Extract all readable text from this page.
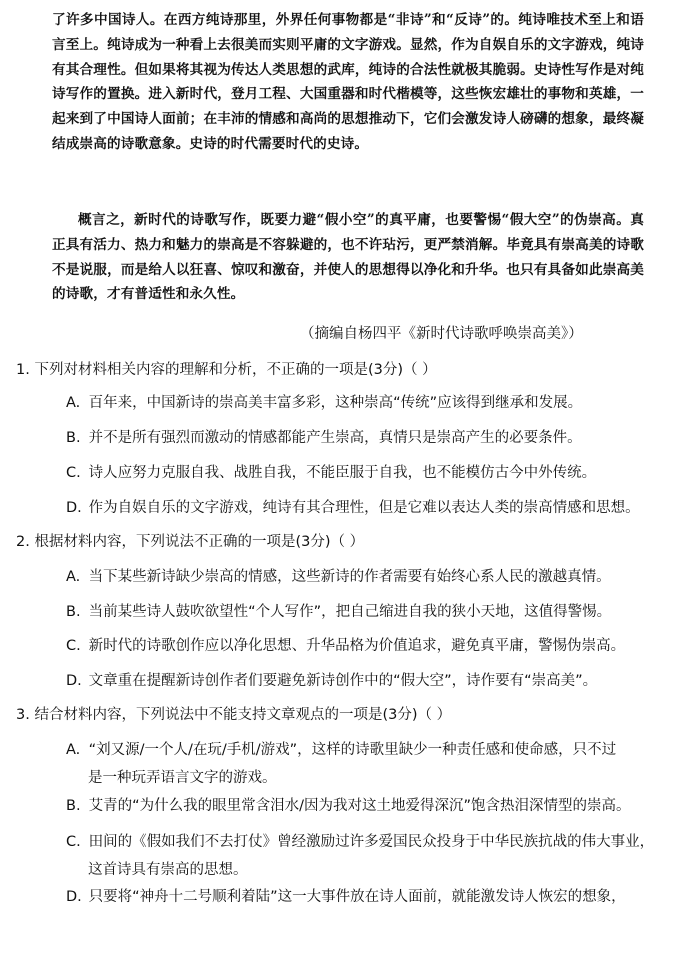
了许多中国诗人。在西方纯诗那里，外界任何事物都是“非诗”和“反诗”的。纯诗唯技术至上和语言至上。纯诗成为一种看上去很美而实则平庸的文字游戏。显然，作为自娱自乐的文字游戏，纯诗有其合理性。但如果将其视为传达人类思想的武库，纯诗的合法性就极其脆弱。史诗性写作是对纯诗写作的置换。进入新时代，登月工程、大国重器和时代楷模等，这些恢宏雄壮的事物和英雄，一起来到了中国诗人面前；在丰沛的情感和高尚的思想推动下，它们会激发诗人磅礴的想象，最终凝结成崇高的诗歌意象。史诗的时代需要时代的史诗。
概言之，新时代的诗歌写作，既要力避“假小空”的真平庸，也要警惕“假大空”的伪崇高。真正具有活力、热力和魅力的崇高是不容躲避的，也不许玷污，更严禁消解。毕竟具有崇高美的诗歌不是说服，而是给人以狂喜、惊叹和激奋，并使人的思想得以净化和升华。也只有具备如此崇高美的诗歌，才有普适性和永久性。
（摘编自杨四平《新时代诗歌呼唤崇高美》）
1. 下列对材料相关内容的理解和分析，不正确的一项是(3分)（ ）
A. 百年来，中国新诗的崇高美丰富多彩，这种崇高“传统”应该得到继承和发展。
B. 并不是所有强烈而激动的情感都能产生崇高，真情只是崇高产生的必要条件。
C. 诗人应努力克服自我、战胜自我，不能臣服于自我，也不能模仿古今中外传统。
D. 作为自娱自乐的文字游戏，纯诗有其合理性，但是它难以表达人类的崇高情感和思想。
2. 根据材料内容，下列说法不正确的一项是(3分)（ ）
A. 当下某些新诗缺少崇高的情感，这些新诗的作者需要有始终心系人民的激越真情。
B. 当前某些诗人鼓吹欲望性“个人写作”，把自己缩进自我的狭小天地，这值得警惕。
C. 新时代的诗歌创作应以净化思想、升华品格为价值追求，避免真平庸，警惕伪崇高。
D. 文章重在提醒新诗创作者们要避免新诗创作中的“假大空”，诗作要有“崇高美”。
3. 结合材料内容，下列说法中不能支持文章观点的一项是(3分)（ ）
A. “刘又源/一个人/在玩/手机/游戏”，这样的诗歌里缺少一种责任感和使命感，只不过
是一种玩弄语言文字的游戏。
B. 艾青的“为什么我的眼里常含泪水/因为我对这土地爱得深沉”饱含热泪深情型的崇高。
C. 田间的《假如我们不去打仗》曾经激励过许多爱国民众投身于中华民族抗战的伟大事业，
这首诗具有崇高的思想。
D. 只要将“神舟十二号顺利着陆”这一大事件放在诗人面前，就能激发诗人恢宏的想象，
